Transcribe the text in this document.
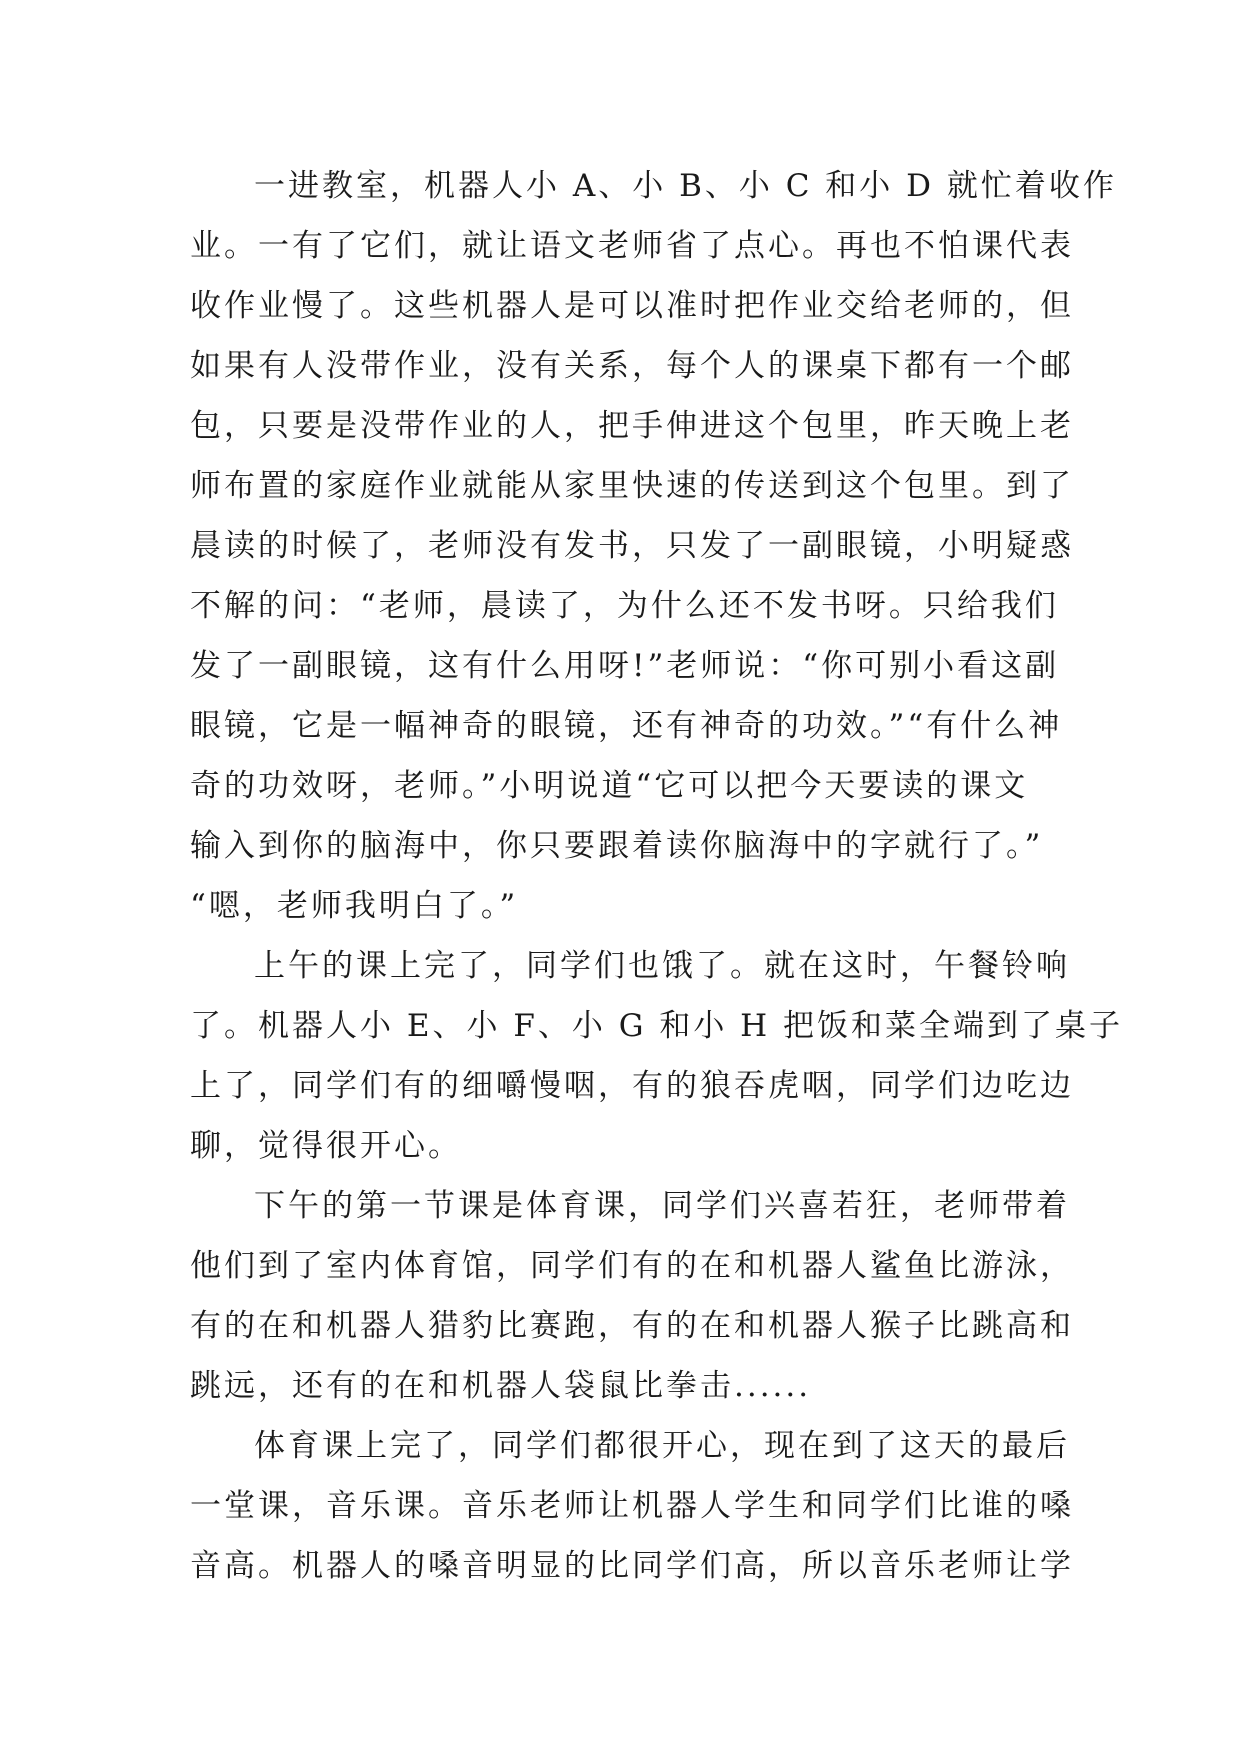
一进教室，机器人小 A、小 B、小 C 和小 D 就忙着收作
业。一有了它们，就让语文老师省了点心。再也不怕课代表
收作业慢了。这些机器人是可以准时把作业交给老师的，但
如果有人没带作业，没有关系，每个人的课桌下都有一个邮
包，只要是没带作业的人，把手伸进这个包里，昨天晚上老
师布置的家庭作业就能从家里快速的传送到这个包里。到了
晨读的时候了，老师没有发书，只发了一副眼镜，小明疑惑
不解的问：“老师，晨读了，为什么还不发书呀。只给我们
发了一副眼镜，这有什么用呀!”老师说：“你可别小看这副
眼镜，它是一幅神奇的眼镜，还有神奇的功效。”“有什么神
奇的功效呀，老师。”小明说道“它可以把今天要读的课文
输入到你的脑海中，你只要跟着读你脑海中的字就行了。”
“嗯，老师我明白了。”
上午的课上完了，同学们也饿了。就在这时，午餐铃响
了。机器人小 E、小 F、小 G 和小 H 把饭和菜全端到了桌子
上了，同学们有的细嚼慢咽，有的狼吞虎咽，同学们边吃边
聊，觉得很开心。
下午的第一节课是体育课，同学们兴喜若狂，老师带着
他们到了室内体育馆，同学们有的在和机器人鲨鱼比游泳，
有的在和机器人猎豹比赛跑，有的在和机器人猴子比跳高和
跳远，还有的在和机器人袋鼠比拳击......
体育课上完了，同学们都很开心，现在到了这天的最后
一堂课，音乐课。音乐老师让机器人学生和同学们比谁的嗓
音高。机器人的嗓音明显的比同学们高，所以音乐老师让学
